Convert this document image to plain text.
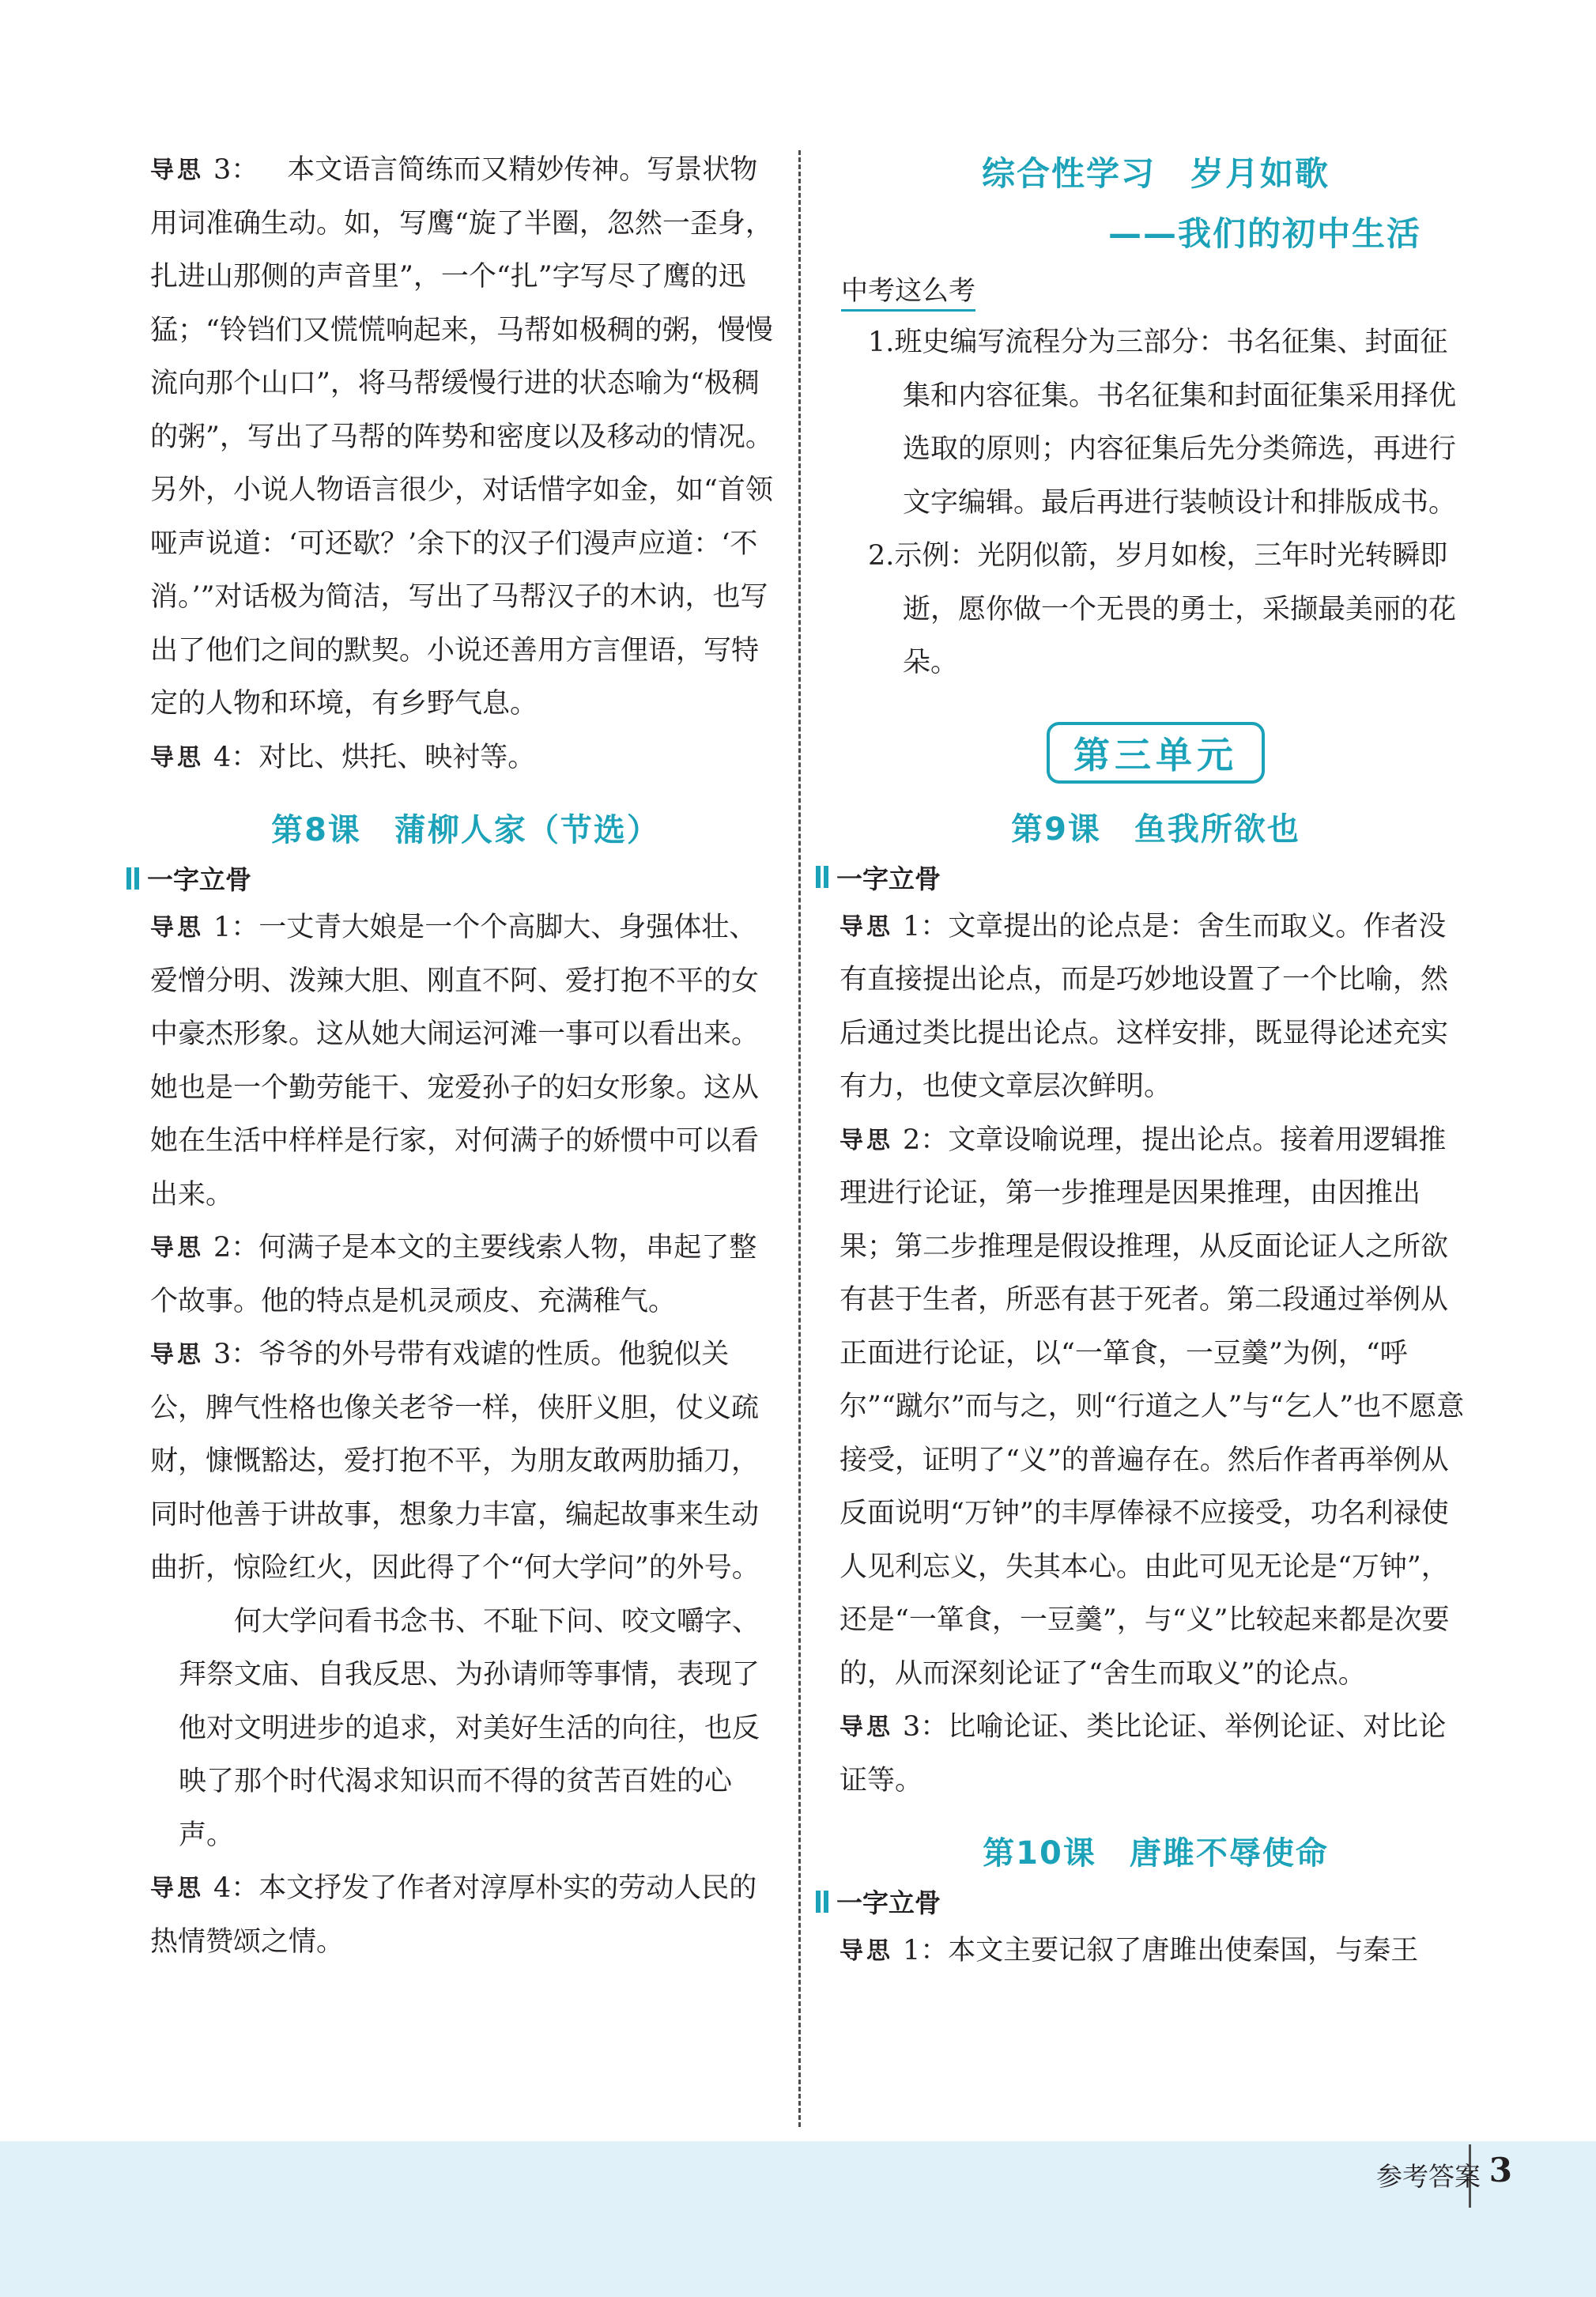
导思 3： 本文语言简练而又精妙传神。写景状物用词准确生动。如，写鹰“旋了半圈，忽然一歪身，扎进山那侧的声音里”，一个“扎”字写尽了鹰的迅猛；“铃铛们又慌慌响起来，马帮如极稠的粥，慢慢流向那个山口”，将马帮缓慢行进的状态喻为“极稠的粥”，写出了马帮的阵势和密度以及移动的情况。另外，小说人物语言很少，对话惜字如金，如“首领哑声说道：‘可还歇？’余下的汉子们漫声应道：‘不消。’”对话极为简洁，写出了马帮汉子的木讷，也写出了他们之间的默契。小说还善用方言俚语，写特定的人物和环境，有乡野气息。
导思 4：对比、烘托、映衬等。
第8课　蒲柳人家（节选）
一字立骨
导思 1：一丈青大娘是一个个高脚大、身强体壮、爱憎分明、泼辣大胆、刚直不阿、爱打抱不平的女中豪杰形象。这从她大闹运河滩一事可以看出来。她也是一个勤劳能干、宠爱孙子的妇女形象。这从她在生活中样样是行家，对何满子的娇惯中可以看出来。
导思 2：何满子是本文的主要线索人物，串起了整个故事。他的特点是机灵顽皮、充满稚气。
导思 3：爷爷的外号带有戏谑的性质。他貌似关公，脾气性格也像关老爷一样，侠肝义胆，仗义疏财，慷慨豁达，爱打抱不平，为朋友敢两肋插刀，同时他善于讲故事，想象力丰富，编起故事来生动曲折，惊险红火，因此得了个“何大学问”的外号。

何大学问看书念书、不耻下问、咬文嚼字、拜祭文庙、自我反思、为孙请师等事情，表现了他对文明进步的追求，对美好生活的向往，也反映了那个时代渴求知识而不得的贫苦百姓的心声。

导思 4：本文抒发了作者对淳厚朴实的劳动人民的热情赞颂之情。

综合性学习　岁月如歌

——我们的初中生活

中考这么考

1.班史编写流程分为三部分：书名征集、封面征集和内容征集。书名征集和封面征集采用择优选取的原则；内容征集后先分类筛选，再进行文字编辑。最后再进行装帧设计和排版成书。

2.示例：光阴似箭，岁月如梭，三年时光转瞬即逝，愿你做一个无畏的勇士，采撷最美丽的花朵。

第三单元
第9课　鱼我所欲也
一字立骨
导思 1：文章提出的论点是：舍生而取义。作者没有直接提出论点，而是巧妙地设置了一个比喻，然后通过类比提出论点。这样安排，既显得论述充实有力，也使文章层次鲜明。
导思 2：文章设喻说理，提出论点。接着用逻辑推理进行论证，第一步推理是因果推理，由因推出果；第二步推理是假设推理，从反面论证人之所欲有甚于生者，所恶有甚于死者。第二段通过举例从正面进行论证，以“一箪食，一豆羹”为例，“呼尔”“蹴尔”而与之，则“行道之人”与“乞人”也不愿意接受，证明了“义”的普遍存在。然后作者再举例从反面说明“万钟”的丰厚俸禄不应接受，功名利禄使人见利忘义，失其本心。由此可见无论是“万钟”，还是“一箪食，一豆羹”，与“义”比较起来都是次要的，从而深刻论证了“舍生而取义”的论点。
导思 3：比喻论证、类比论证、举例论证、对比论证等。
第10课　唐雎不辱使命
一字立骨
导思 1：本文主要记叙了唐雎出使秦国，与秦王
参考答案 3
